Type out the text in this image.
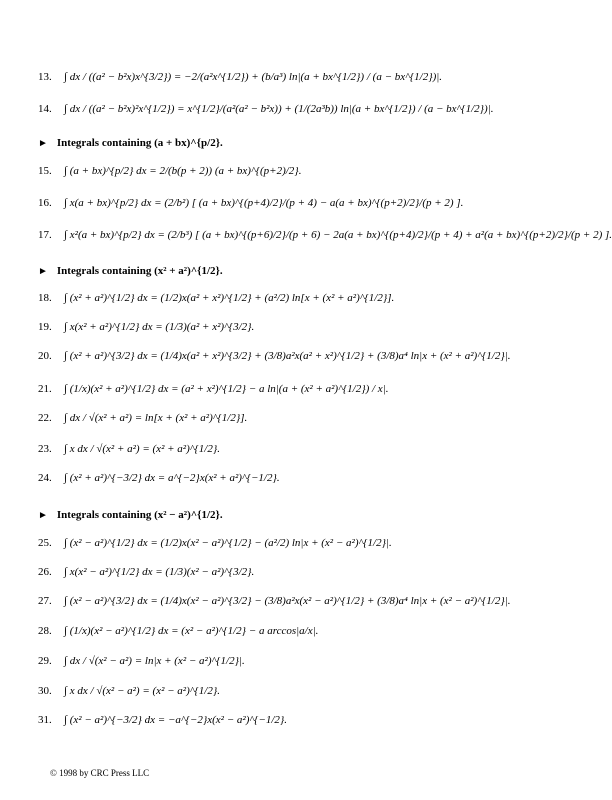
13.	∫ dx / ((a² − b²x)x^{3/2}) = −2/(a²x^{1/2}) + (b/a³) ln|(a + bx^{1/2}) / (a − bx^{1/2})|.
14.	∫ dx / ((a² − b²x)²x^{1/2}) = x^{1/2}/(a²(a² − b²x)) + (1/(2a³b)) ln|(a + bx^{1/2}) / (a − bx^{1/2})|.
► Integrals containing (a + bx)^{p/2}.
15.	∫ (a + bx)^{p/2} dx = 2/(b(p + 2)) (a + bx)^{(p+2)/2}.
16.	∫ x(a + bx)^{p/2} dx = (2/b²) [ (a + bx)^{(p+4)/2}/(p + 4) − a(a + bx)^{(p+2)/2}/(p + 2) ].
17.	∫ x²(a + bx)^{p/2} dx = (2/b³) [ (a + bx)^{(p+6)/2}/(p + 6) − 2a(a + bx)^{(p+4)/2}/(p + 4) + a²(a + bx)^{(p+2)/2}/(p + 2) ].
► Integrals containing (x² + a²)^{1/2}.
18.	∫ (x² + a²)^{1/2} dx = (1/2)x(a² + x²)^{1/2} + (a²/2) ln[x + (x² + a²)^{1/2}].
19.	∫ x(x² + a²)^{1/2} dx = (1/3)(a² + x²)^{3/2}.
20.	∫ (x² + a²)^{3/2} dx = (1/4)x(a² + x²)^{3/2} + (3/8)a²x(a² + x²)^{1/2} + (3/8)a⁴ ln|x + (x² + a²)^{1/2}|.
21.	∫ (1/x)(x² + a²)^{1/2} dx = (a² + x²)^{1/2} − a ln|(a + (x² + a²)^{1/2}) / x|.
22.	∫ dx / √(x² + a²) = ln[x + (x² + a²)^{1/2}].
23.	∫ x dx / √(x² + a²) = (x² + a²)^{1/2}.
24.	∫ (x² + a²)^{−3/2} dx = a^{−2}x(x² + a²)^{−1/2}.
► Integrals containing (x² − a²)^{1/2}.
25.	∫ (x² − a²)^{1/2} dx = (1/2)x(x² − a²)^{1/2} − (a²/2) ln|x + (x² − a²)^{1/2}|.
26.	∫ x(x² − a²)^{1/2} dx = (1/3)(x² − a²)^{3/2}.
27.	∫ (x² − a²)^{3/2} dx = (1/4)x(x² − a²)^{3/2} − (3/8)a²x(x² − a²)^{1/2} + (3/8)a⁴ ln|x + (x² − a²)^{1/2}|.
28.	∫ (1/x)(x² − a²)^{1/2} dx = (x² − a²)^{1/2} − a arccos|a/x|.
29.	∫ dx / √(x² − a²) = ln|x + (x² − a²)^{1/2}|.
30.	∫ x dx / √(x² − a²) = (x² − a²)^{1/2}.
31.	∫ (x² − a²)^{−3/2} dx = −a^{−2}x(x² − a²)^{−1/2}.
© 1998 by CRC Press LLC
